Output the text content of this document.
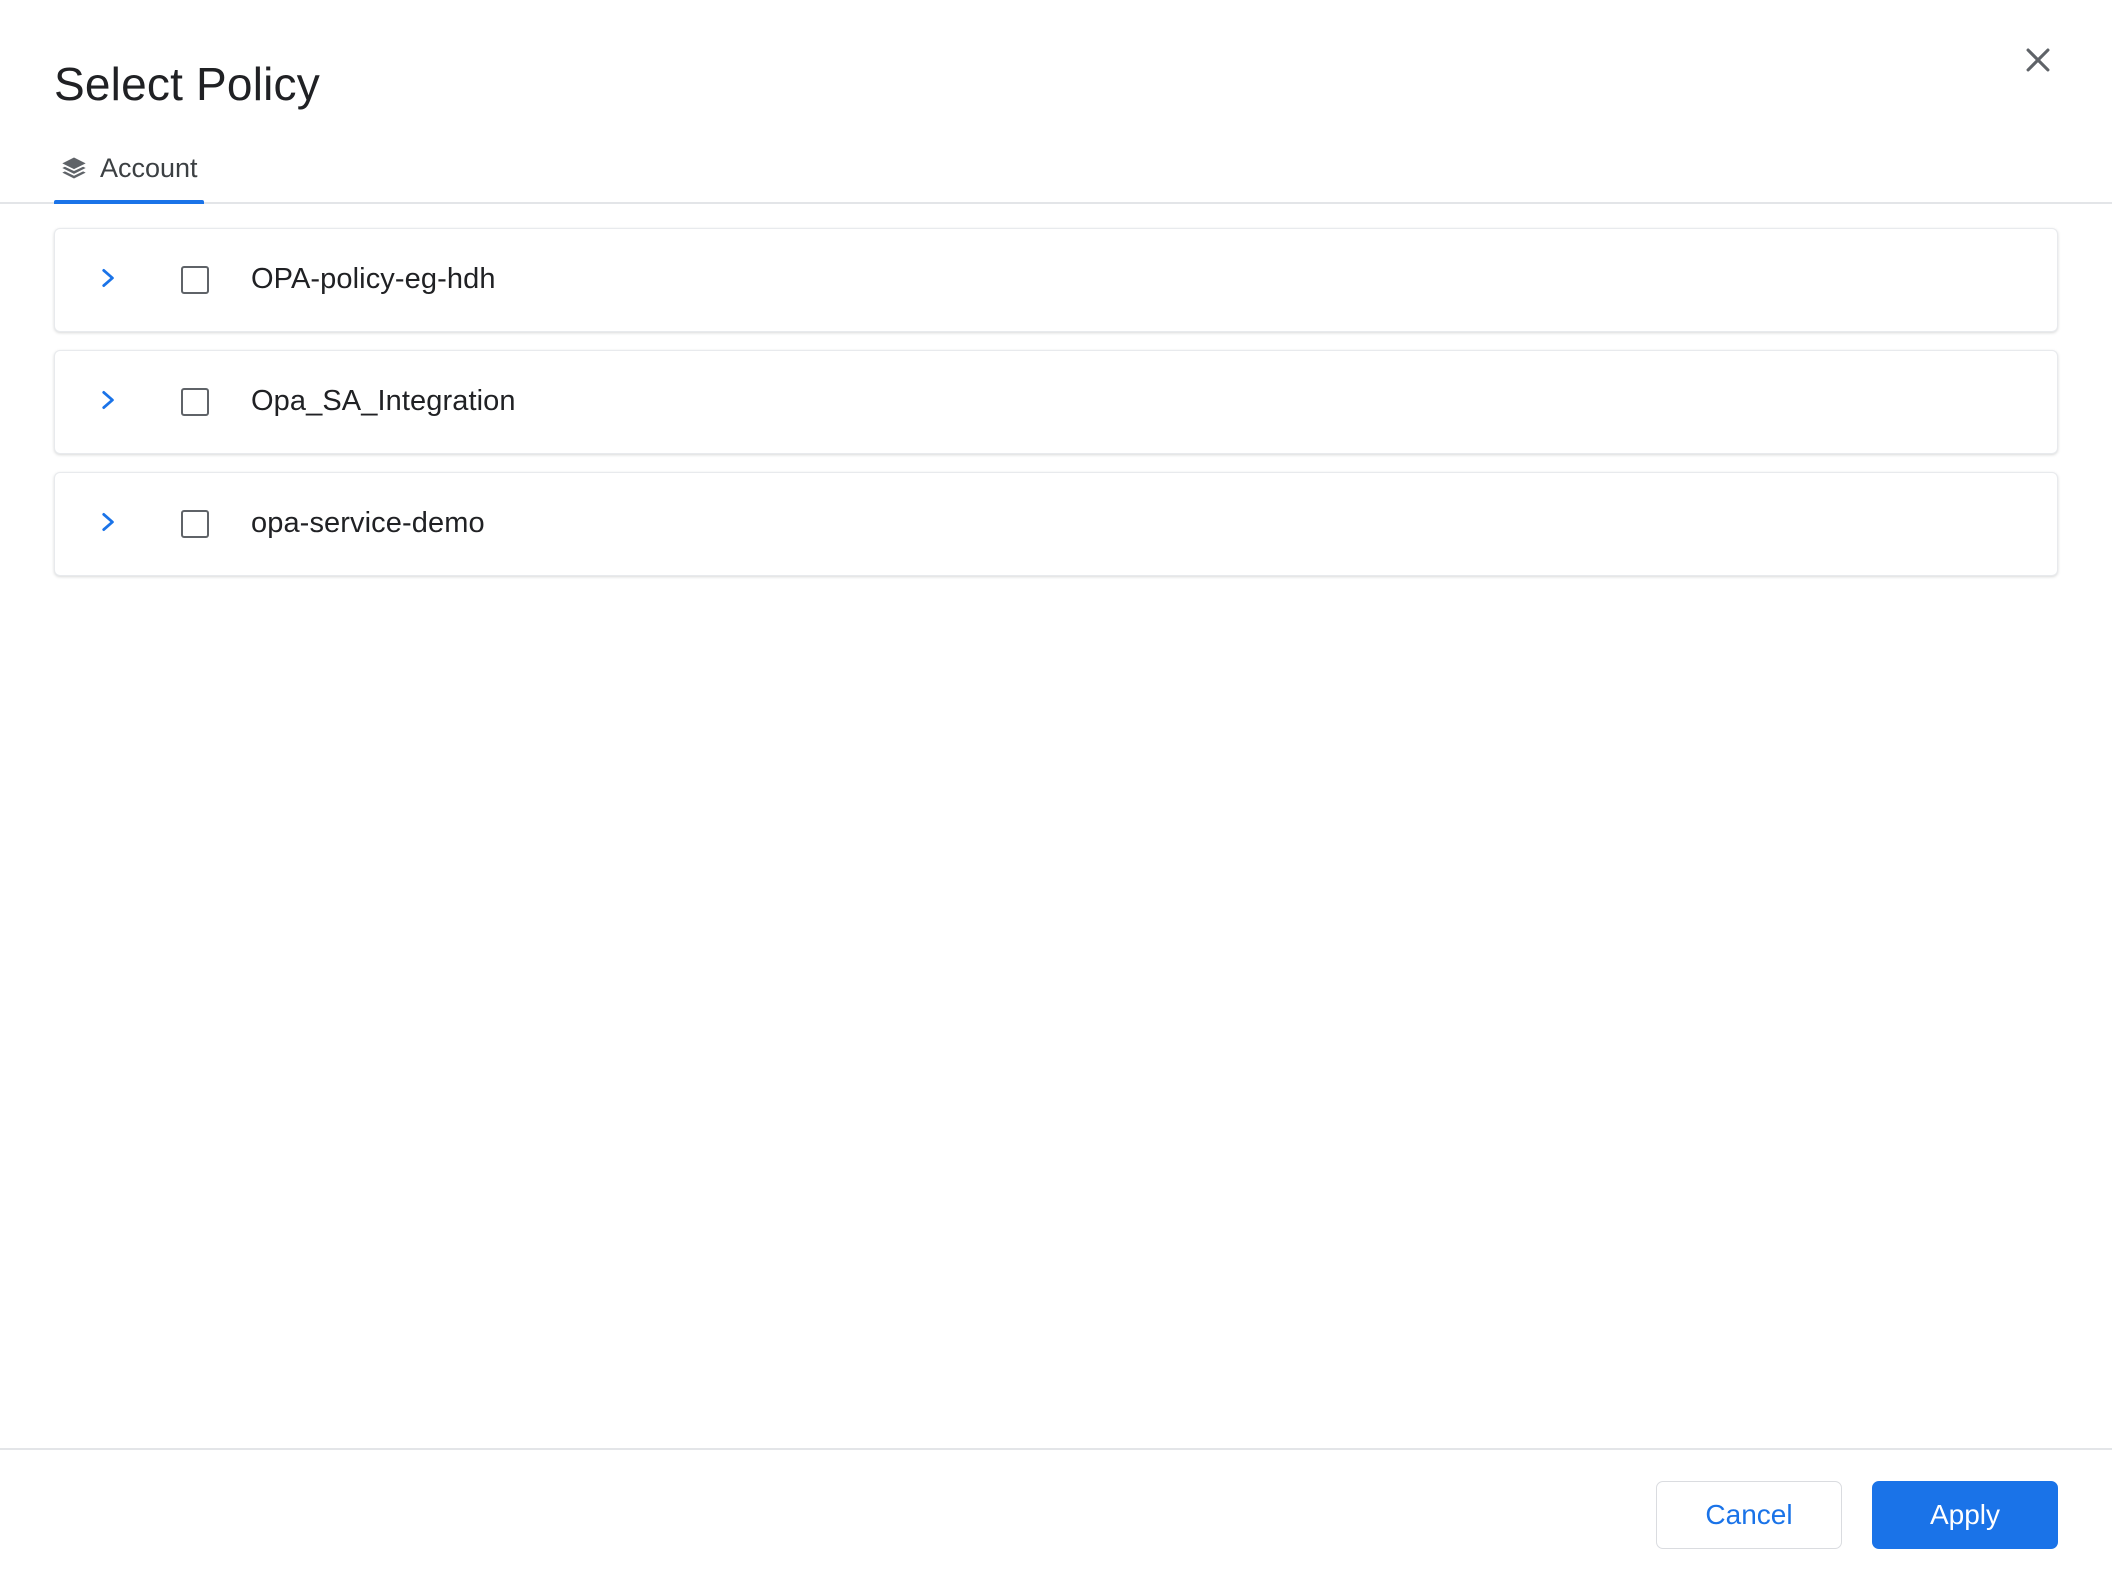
Select Policy
Account
OPA-policy-eg-hdh
Opa_SA_Integration
opa-service-demo
Cancel	Apply
